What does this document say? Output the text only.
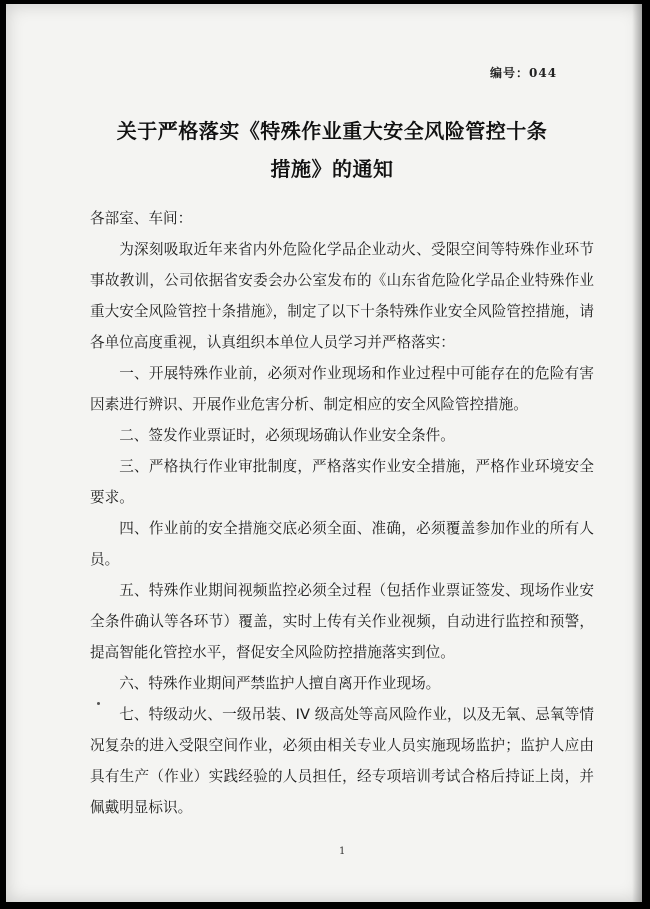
编号：044
关于严格落实《特殊作业重大安全风险管控十条
措施》的通知

各部室、车间：

为深刻吸取近年来省内外危险化学品企业动火、受限空间等特殊作业环节事故教训，公司依据省安委会办公室发布的《山东省危险化学品企业特殊作业重大安全风险管控十条措施》，制定了以下十条特殊作业安全风险管控措施，请各单位高度重视，认真组织本单位人员学习并严格落实：

一、开展特殊作业前，必须对作业现场和作业过程中可能存在的危险有害因素进行辨识、开展作业危害分析、制定相应的安全风险管控措施。

二、签发作业票证时，必须现场确认作业安全条件。

三、严格执行作业审批制度，严格落实作业安全措施，严格作业环境安全要求。

四、作业前的安全措施交底必须全面、准确，必须覆盖参加作业的所有人员。

五、特殊作业期间视频监控必须全过程（包括作业票证签发、现场作业安全条件确认等各环节）覆盖，实时上传有关作业视频，自动进行监控和预警，提高智能化管控水平，督促安全风险防控措施落实到位。

六、特殊作业期间严禁监护人擅自离开作业现场。

七、特级动火、一级吊装、IV 级高处等高风险作业，以及无氧、忌氧等情况复杂的进入受限空间作业，必须由相关专业人员实施现场监护；监护人应由具有生产（作业）实践经验的人员担任，经专项培训考试合格后持证上岗，并佩戴明显标识。

1
